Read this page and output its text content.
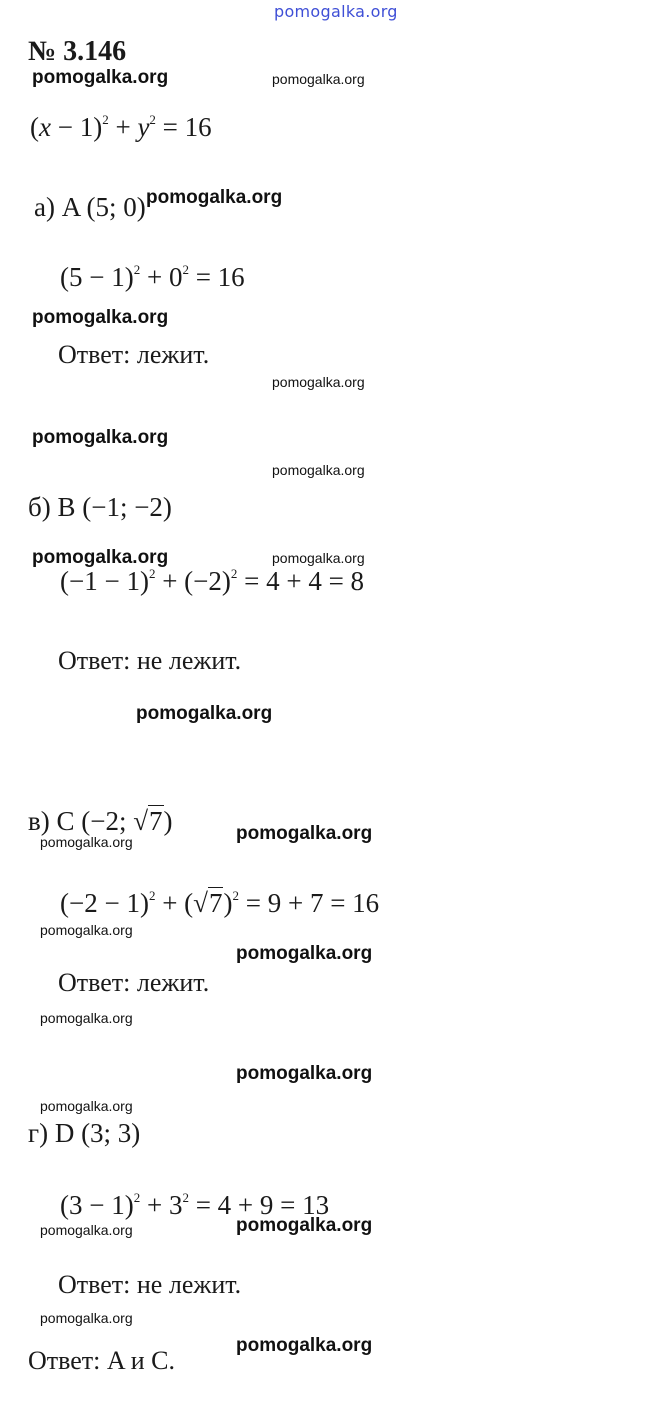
pomogalka.org
№ 3.146
$(x - 1)^2 + y^2 = 16$
а) A (5; 0)
$(5 - 1)^2 + 0^2 = 16$
Ответ: лежит.
б) B (−1; −2)
$(-1 - 1)^2 + (-2)^2 = 4 + 4 = 8$
Ответ: не лежит.
в) C (−2; √7)
$(-2 - 1)^2 + (√7)^2 = 9 + 7 = 16$
Ответ: лежит.
г) D (3; 3)
$(3 - 1)^2 + 3^2 = 4 + 9 = 13$
Ответ: не лежит.
Ответ: A и C.
pomogalka.org	pomogalka.org
pomogalka.org
pomogalka.org
pomogalka.org
pomogalka.org
pomogalka.org
pomogalka.org	pomogalka.org
pomogalka.org
pomogalka.org
pomogalka.org
pomogalka.org
pomogalka.org
pomogalka.org
pomogalka.org
pomogalka.org
pomogalka.org
pomogalka.org
pomogalka.org
pomogalka.org
